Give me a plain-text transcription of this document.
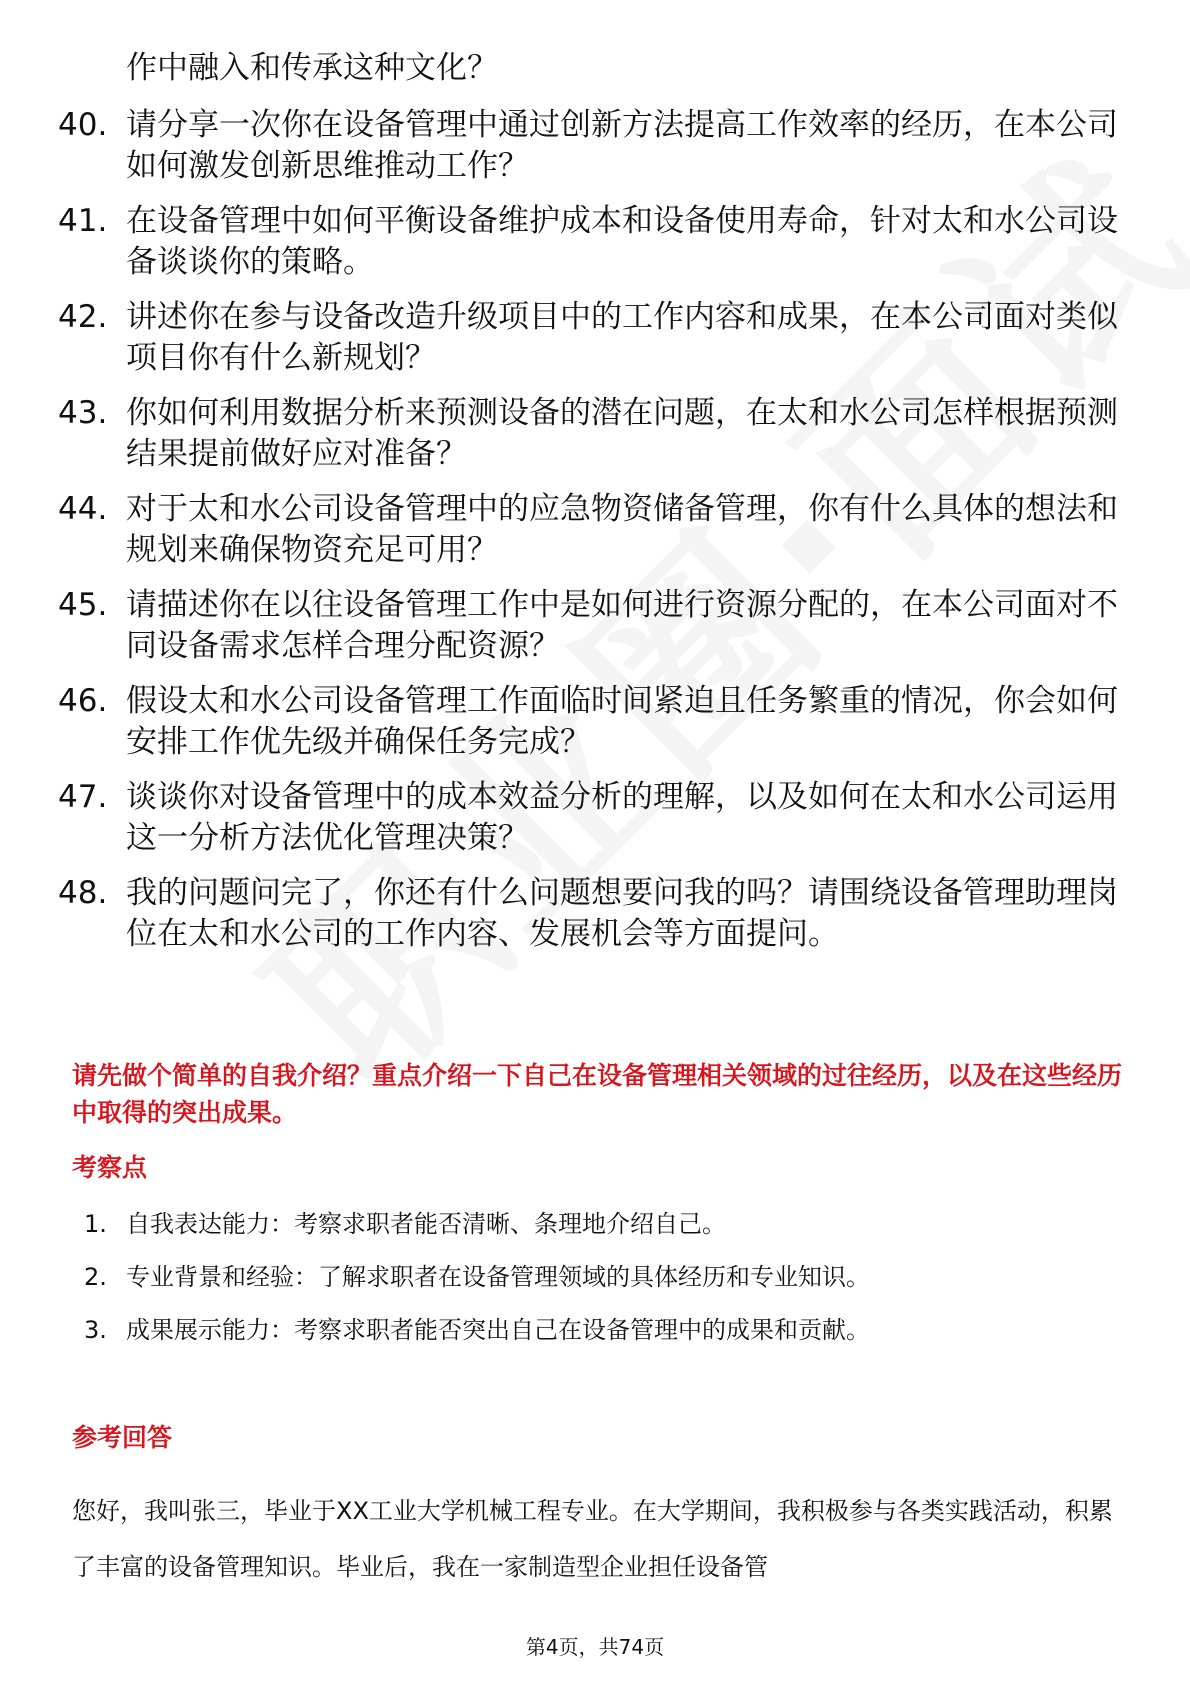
作中融入和传承这种文化？
40. 请分享一次你在设备管理中通过创新方法提高工作效率的经历，在本公司如何激发创新思维推动工作？
41. 在设备管理中如何平衡设备维护成本和设备使用寿命，针对太和水公司设备谈谈你的策略。
42. 讲述你在参与设备改造升级项目中的工作内容和成果，在本公司面对类似项目你有什么新规划？
43. 你如何利用数据分析来预测设备的潜在问题，在太和水公司怎样根据预测结果提前做好应对准备？
44. 对于太和水公司设备管理中的应急物资储备管理，你有什么具体的想法和规划来确保物资充足可用？
45. 请描述你在以往设备管理工作中是如何进行资源分配的，在本公司面对不同设备需求怎样合理分配资源？
46. 假设太和水公司设备管理工作面临时间紧迫且任务繁重的情况，你会如何安排工作优先级并确保任务完成？
47. 谈谈你对设备管理中的成本效益分析的理解，以及如何在太和水公司运用这一分析方法优化管理决策？
48. 我的问题问完了，你还有什么问题想要问我的吗？请围绕设备管理助理岗位在太和水公司的工作内容、发展机会等方面提问。
请先做个简单的自我介绍？重点介绍一下自己在设备管理相关领域的过往经历，以及在这些经历中取得的突出成果。
考察点
1. 自我表达能力：考察求职者能否清晰、条理地介绍自己。
2. 专业背景和经验：了解求职者在设备管理领域的具体经历和专业知识。
3. 成果展示能力：考察求职者能否突出自己在设备管理中的成果和贡献。
参考回答
您好，我叫张三，毕业于XX工业大学机械工程专业。在大学期间，我积极参与各类实践活动，积累了丰富的设备管理知识。毕业后，我在一家制造型企业担任设备管
第4页，共74页
